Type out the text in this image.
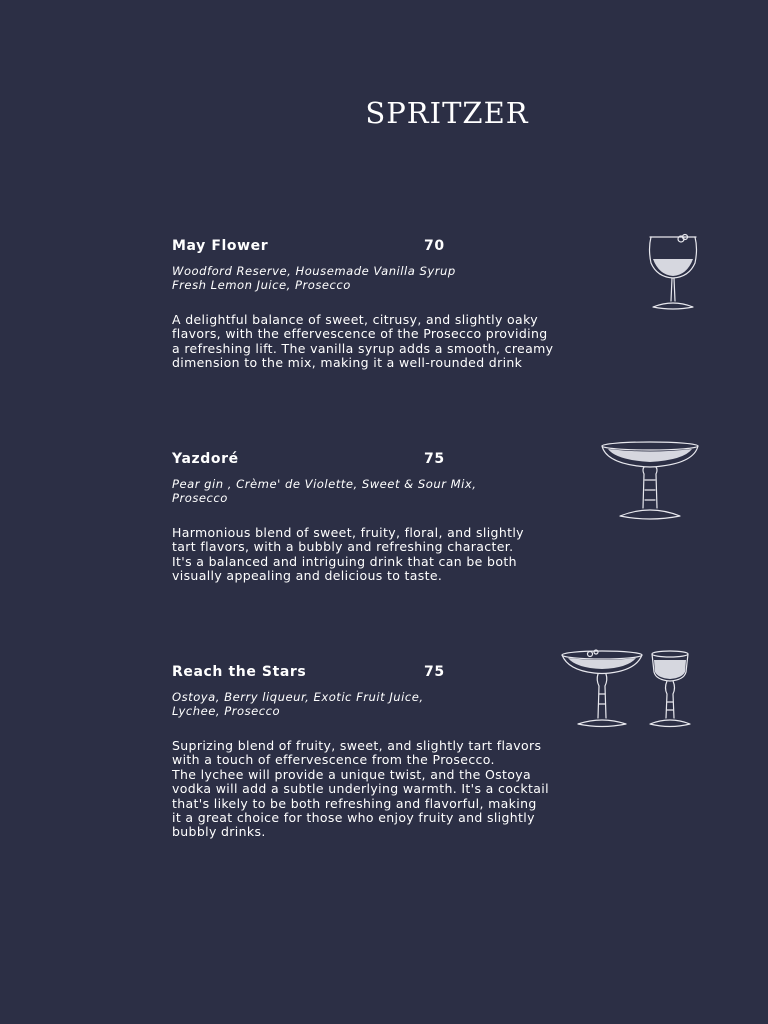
SPRITZER
May Flower	70
Woodford Reserve, Housemade Vanilla Syrup
Fresh Lemon Juice, Prosecco
A delightful balance of sweet, citrusy, and slightly oaky
flavors, with the effervescence of the Prosecco providing
a refreshing lift. The vanilla syrup adds a smooth, creamy
dimension to the mix, making it a well-rounded drink
Yazdoré	75
Pear gin , Crème' de Violette, Sweet & Sour Mix,
Prosecco
Harmonious blend of sweet, fruity, floral, and slightly
tart flavors, with a bubbly and refreshing character.
It's a balanced and intriguing drink that can be both
visually appealing and delicious to taste.
Reach the Stars	75
Ostoya, Berry liqueur, Exotic Fruit Juice,
Lychee, Prosecco
Suprizing blend of fruity, sweet, and slightly tart flavors
with a touch of effervescence from the Prosecco.
The lychee will provide a unique twist, and the Ostoya
vodka will add a subtle underlying warmth. It's a cocktail
that's likely to be both refreshing and flavorful, making
it a great choice for those who enjoy fruity and slightly
bubbly drinks.
